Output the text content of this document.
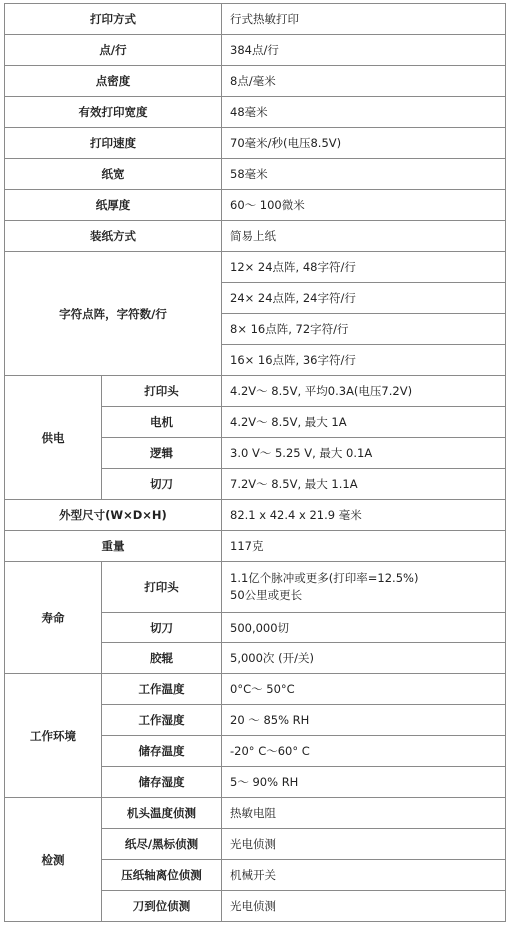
打印方式		行式热敏打印
点/行		384点/行
点密度		8点/毫米
有效打印宽度		48毫米
打印速度		70毫米/秒(电压8.5V)
纸宽		58毫米
纸厚度		60～ 100微米
装纸方式		简易上纸
字符点阵，字符数/行		12× 24点阵, 48字符/行
		24× 24点阵, 24字符/行
		8× 16点阵, 72字符/行
		16× 16点阵, 36字符/行
供电	打印头	4.2V～ 8.5V, 平均0.3A(电压7.2V)
	电机	4.2V～ 8.5V, 最大 1A
	逻辑	3.0 V～ 5.25 V, 最大 0.1A
	切刀	7.2V～ 8.5V, 最大 1.1A
外型尺寸(W×D×H)		82.1 x 42.4 x 21.9 毫米
重量		117克
寿命	打印头	1.1亿个脉冲或更多(打印率=12.5%)
50公里或更长

	切刀	500,000切
	胶辊	5,000次 (开/关)
工作环境	工作温度	0°C～ 50°C
	工作湿度	20 ～ 85% RH
	储存温度	-20° C～60° C
	储存湿度	5～ 90% RH
检测	机头温度侦测	热敏电阻
	纸尽/黑标侦测	光电侦测
	压纸轴离位侦测	机械开关
	刀到位侦测	光电侦测
